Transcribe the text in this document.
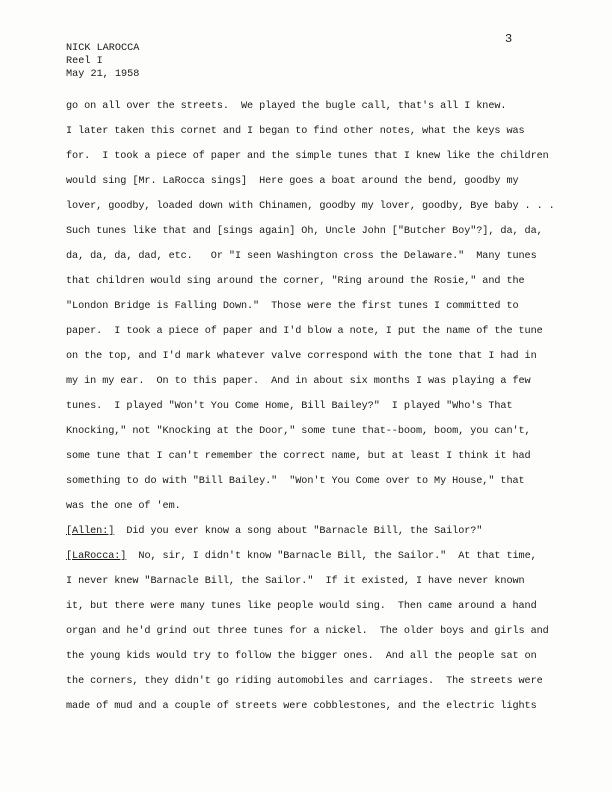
3
NICK LAROCCA
Reel I
May 21, 1958
go on all over the streets.  We played the bugle call, that's all I knew.
I later taken this cornet and I began to find other notes, what the keys was
for.  I took a piece of paper and the simple tunes that I knew like the children
would sing [Mr. LaRocca sings]  Here goes a boat around the bend, goodby my
lover, goodby, loaded down with Chinamen, goodby my lover, goodby, Bye baby . . .
Such tunes like that and [sings again] Oh, Uncle John ["Butcher Boy"?], da, da,
da, da, da, dad, etc.   Or "I seen Washington cross the Delaware."  Many tunes
that children would sing around the corner, "Ring around the Rosie," and the
"London Bridge is Falling Down."  Those were the first tunes I committed to
paper.  I took a piece of paper and I'd blow a note, I put the name of the tune
on the top, and I'd mark whatever valve correspond with the tone that I had in
my in my ear.  On to this paper.  And in about six months I was playing a few
tunes.  I played "Won't You Come Home, Bill Bailey?"  I played "Who's That
Knocking," not "Knocking at the Door," some tune that--boom, boom, you can't,
some tune that I can't remember the correct name, but at least I think it had
something to do with "Bill Bailey."  "Won't You Come over to My House," that
was the one of 'em.
[Allen:] Did you ever know a song about "Barnacle Bill, the Sailor?"
[LaRocca:] No, sir, I didn't know "Barnacle Bill, the Sailor."  At that time,
I never knew "Barnacle Bill, the Sailor."  If it existed, I have never known
it, but there were many tunes like people would sing.  Then came around a hand
organ and he'd grind out three tunes for a nickel.  The older boys and girls and
the young kids would try to follow the bigger ones.  And all the people sat on
the corners, they didn't go riding automobiles and carriages.  The streets were
made of mud and a couple of streets were cobblestones, and the electric lights
